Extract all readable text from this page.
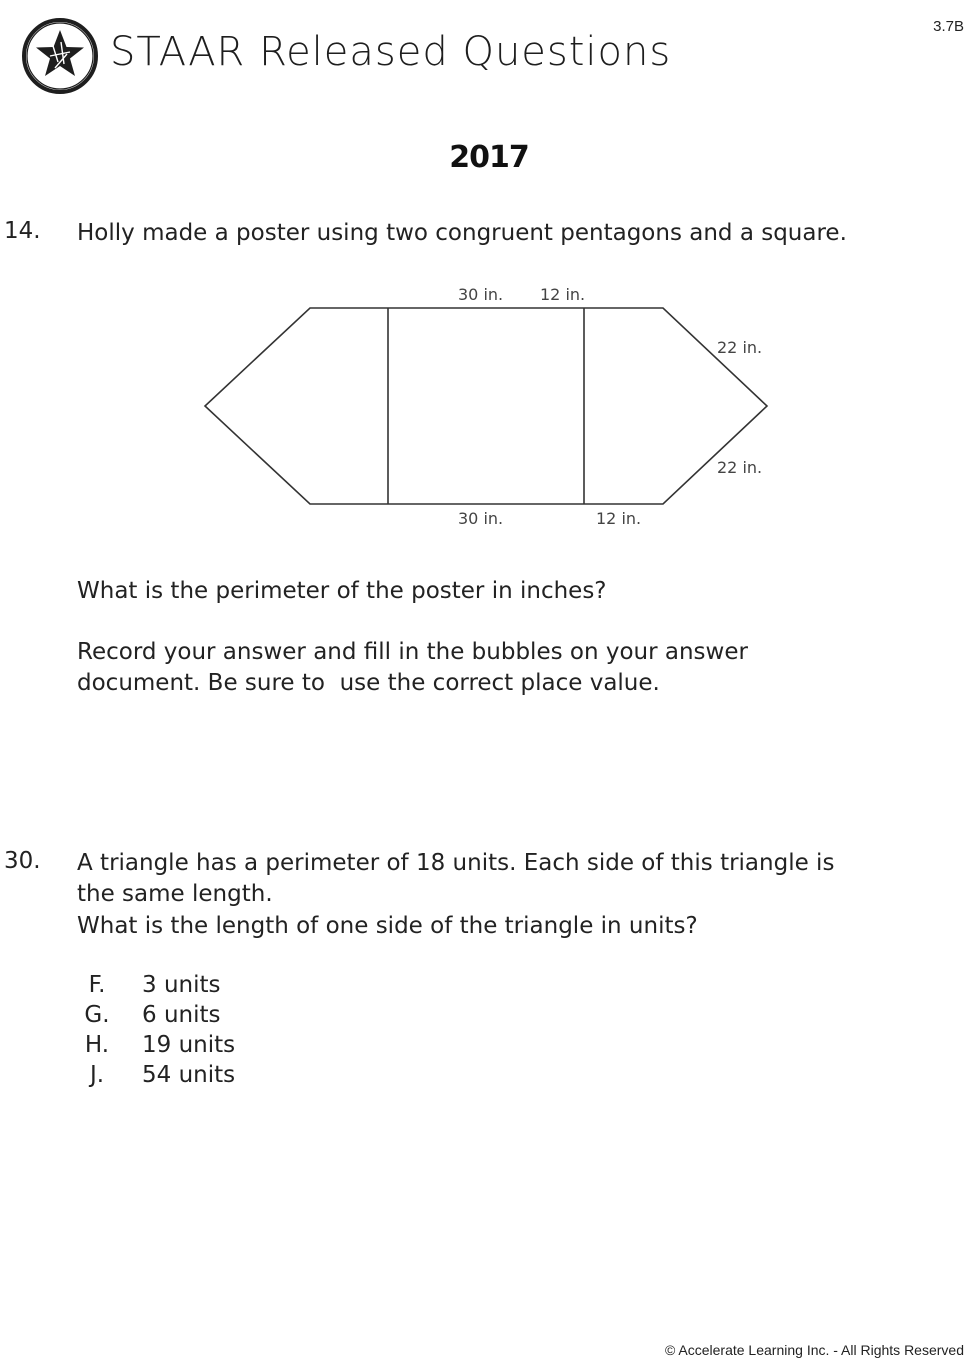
3.7B
STAAR Released Questions
2017
14. Holly made a poster using two congruent pentagons and a square.
30 in. 12 in.
22 in.
22 in.
30 in.	12 in.
What is the perimeter of the poster in inches?
Record your answer and fill in the bubbles on your answer
document. Be sure to  use the correct place value.
30. A triangle has a perimeter of 18 units. Each side of this triangle is
the same length.
What is the length of one side of the triangle in units?
F.	3 units
G.	6 units
H.	19 units
J.	54 units
© Accelerate Learning Inc. - All Rights Reserved
